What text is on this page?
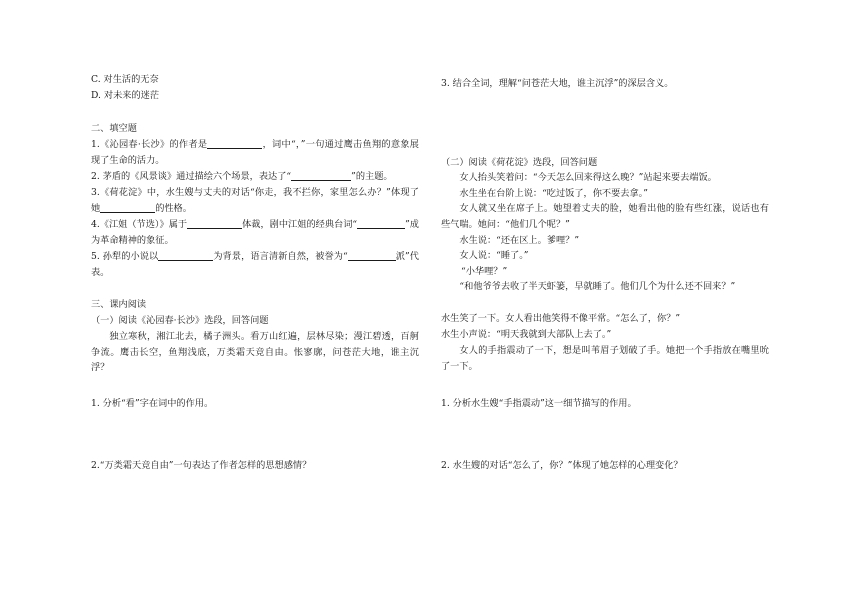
C. 对生活的无奈
D. 对未来的迷茫
二、填空题
1.《沁园春·长沙》的作者是	，词中“，”一句通过鹰击鱼翔的意象展现了生命的活力。
2. 茅盾的《风景谈》通过描绘六个场景，表达了“	”的主题。
3.《荷花淀》中，水生嫂与丈夫的对话“你走，我不拦你，家里怎么办？”体现了她	的性格。
4.《江姐（节选）》属于	体裁，剧中江姐的经典台词“	”成为革命精神的象征。
5. 孙犁的小说以	为背景，语言清新自然，被誉为“	派”代表。
三、课内阅读
（一）阅读《沁园春·长沙》选段，回答问题
独立寒秋，湘江北去，橘子洲头。看万山红遍，层林尽染；漫江碧透，百舸争流。鹰击长空，鱼翔浅底，万类霜天竞自由。怅寥廓，问苍茫大地，谁主沉浮？
1. 分析“看”字在词中的作用。
2.“万类霜天竞自由”一句表达了作者怎样的思想感情？
3. 结合全词，理解“问苍茫大地，谁主沉浮”的深层含义。
（二）阅读《荷花淀》选段，回答问题
女人抬头笑着问：“今天怎么回来得这么晚？”站起来要去端饭。
水生坐在台阶上说：“吃过饭了，你不要去拿。”
女人就又坐在席子上。她望着丈夫的脸，她看出他的脸有些红涨，说话也有些气喘。她问：“他们几个呢？”
水生说：“还在区上。爹哩？”
女人说：“睡了。”
“小华哩？”
“和他爷爷去收了半天虾篓，早就睡了。他们几个为什么还不回来？”
水生笑了一下。女人看出他笑得不像平常。“怎么了，你？”
水生小声说：“明天我就到大部队上去了。”
女人的手指震动了一下，想是叫苇眉子划破了手。她把一个手指放在嘴里吮了一下。
1. 分析水生嫂“手指震动”这一细节描写的作用。
2. 水生嫂的对话“怎么了，你？”体现了她怎样的心理变化？
